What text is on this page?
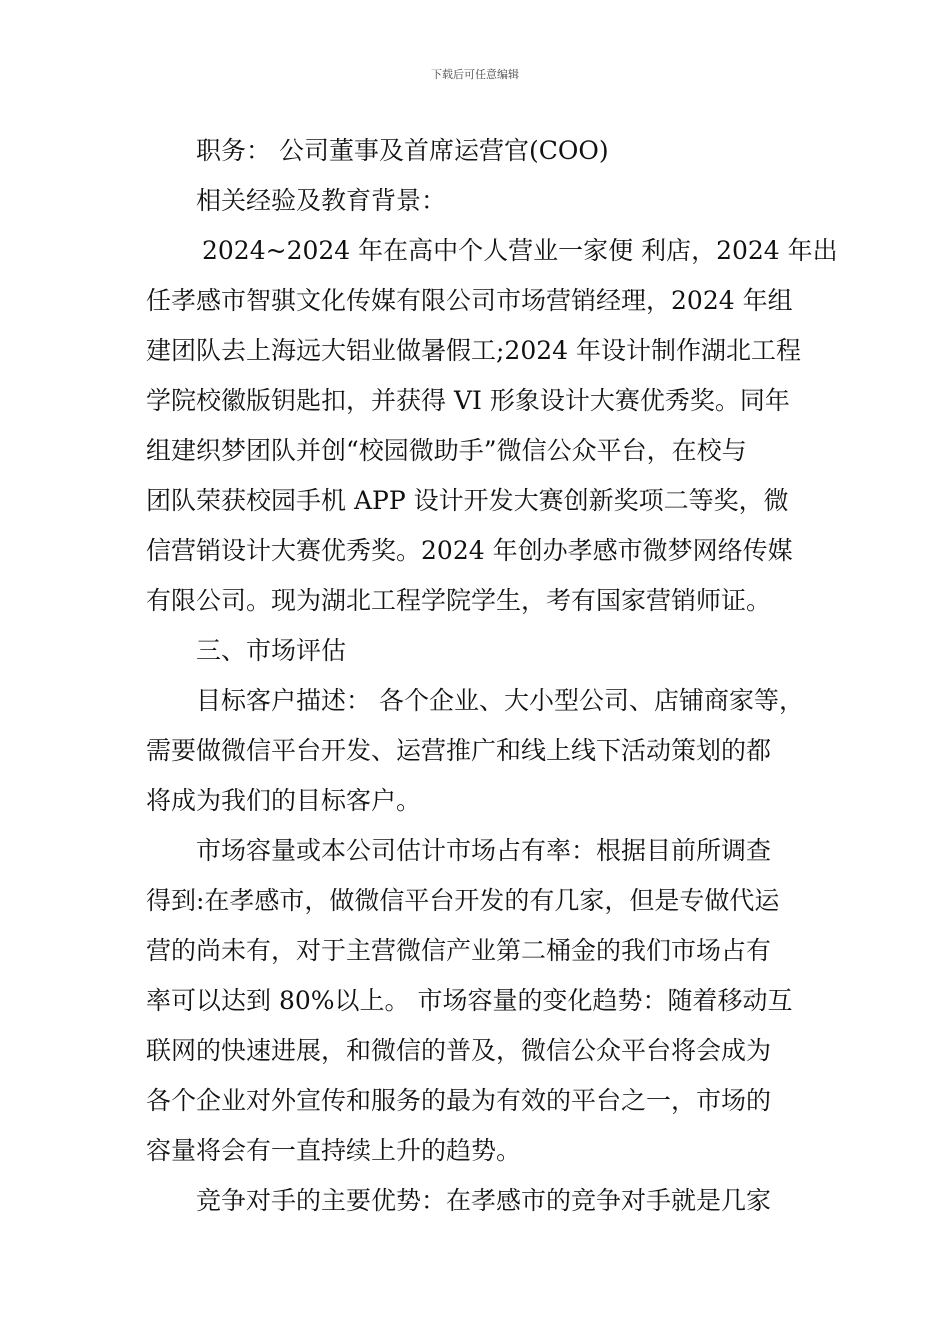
下载后可任意编辑
职务： 公司董事及首席运营官(COO)
相关经验及教育背景：
2024~2024 年在高中个人营业一家便 利店，2024 年出
任孝感市智骐文化传媒有限公司市场营销经理，2024 年组
建团队去上海远大铝业做暑假工;2024 年设计制作湖北工程
学院校徽版钥匙扣，并获得 VI 形象设计大赛优秀奖。同年
组建织梦团队并创“校园微助手”微信公众平台，在校与
团队荣获校园手机 APP 设计开发大赛创新奖项二等奖，微
信营销设计大赛优秀奖。2024 年创办孝感市微梦网络传媒
有限公司。现为湖北工程学院学生，考有国家营销师证。
三、市场评估
目标客户描述： 各个企业、大小型公司、店铺商家等，
需要做微信平台开发、运营推广和线上线下活动策划的都
将成为我们的目标客户。
市场容量或本公司估计市场占有率：根据目前所调查
得到:在孝感市，做微信平台开发的有几家，但是专做代运
营的尚未有，对于主营微信产业第二桶金的我们市场占有
率可以达到 80%以上。 市场容量的变化趋势：随着移动互
联网的快速进展，和微信的普及，微信公众平台将会成为
各个企业对外宣传和服务的最为有效的平台之一，市场的
容量将会有一直持续上升的趋势。
竞争对手的主要优势：在孝感市的竞争对手就是几家
